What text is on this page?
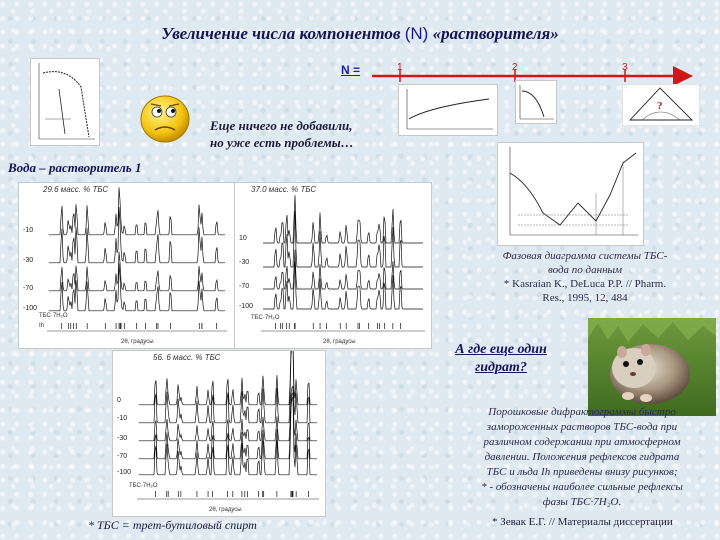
Увеличение числа компонентов (N) «растворителя»
N =	1	2	3
Еще ничего не добавили,
но уже есть проблемы…
?
Вода – растворитель 1
Фазовая диаграмма системы ТБС-
вода по данным
* Kasraian K., DeLuca P.P. // Pharm.
Res., 1995, 12, 484
29.6 масс. % ТБС
-10
-30
-70
-100
ТБС·7H₂O
Ih
2θ, градусы
37.0 масс. % ТБС
10
-30
-70
-100
ТБС·7H₂O
2θ, градусы
56. 6 масс. % ТБС
0
-10
-30
-70
-100
ТБС·7H₂O
2θ, градусы
А где еще один
гидрат?
Порошковые дифрактограммы быстро
замороженных растворов ТБС-вода при
различном содержании при атмосферном
давлении. Положения рефлексов гидрата
ТБС и льда Ih приведены внизу рисунков;
* - обозначены наиболее сильные рефлексы
фазы ТБС·7H₂O.
* ТБС = трет-бутиловый спирт	* Зевак Е.Г. // Материалы диссертации
